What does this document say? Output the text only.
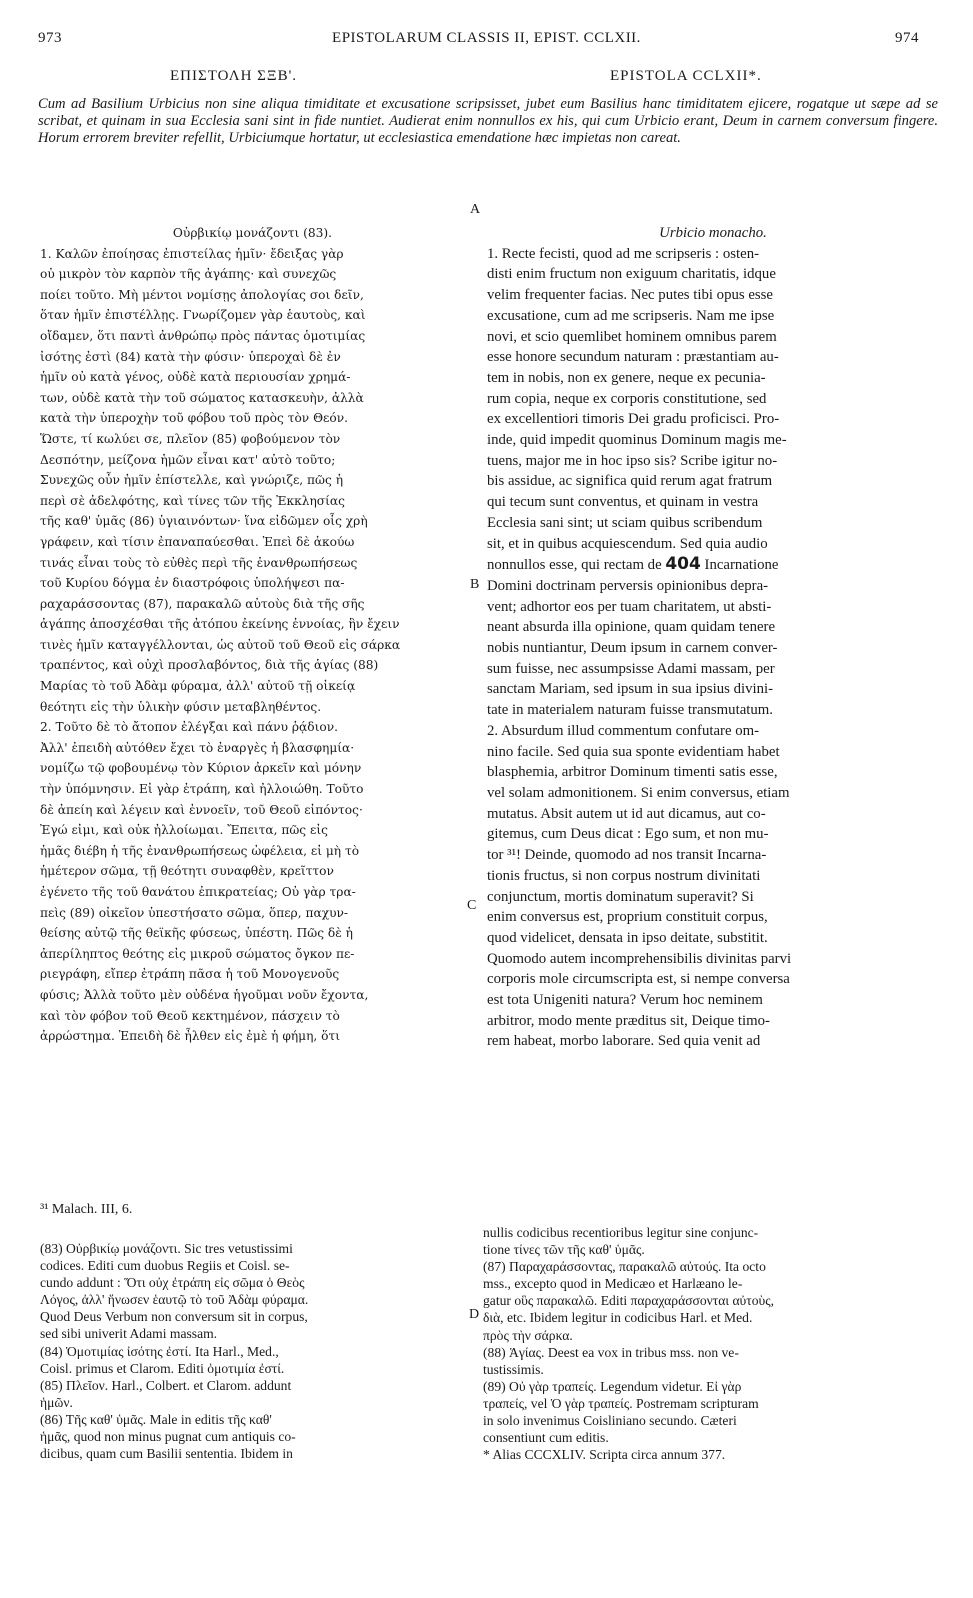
973	EPISTOLARUM CLASSIS II, EPIST. CCLXII.	974
ΕΠΙΣΤΟΛΗ ΣΞΒ'.	EPISTOLA CCLXII*.
Cum ad Basilium Urbicius non sine aliqua timiditate et excusatione scripsisset, jubet eum Basilius hanc timiditatem ejicere, rogatque ut sæpe ad se scribat, et quinam in sua Ecclesia sani sint in fide nuntiet. Audierat enim nonnullos ex his, qui cum Urbicio erant, Deum in carnem conversum fingere. Horum errorem breviter refellit, Urbiciumque hortatur, ut ecclesiastica emendatione hæc impietas non careat.
Οὐρβικίῳ μονάζοντι (83).
1. Καλῶν ἐποίησας ἐπιστείλας ἡμῖν· ἔδειξας γὰρ
οὐ μικρὸν τὸν καρπὸν τῆς ἀγάπης· καὶ συνεχῶς
ποίει τοῦτο. Μὴ μέντοι νομίσῃς ἀπολογίας σοι δεῖν,
ὅταν ἡμῖν ἐπιστέλλῃς. Γνωρίζομεν γὰρ ἑαυτοὺς, καὶ
οἴδαμεν, ὅτι παντὶ ἀνθρώπῳ πρὸς πάντας ὁμοτιμίας
ἰσότης ἐστὶ (84) κατὰ τὴν φύσιν· ὑπεροχαὶ δὲ ἐν
ἡμῖν οὐ κατὰ γένος, οὐδὲ κατὰ περιουσίαν χρημά-
των, οὐδὲ κατὰ τὴν τοῦ σώματος κατασκευὴν, ἀλλὰ
κατὰ τὴν ὑπεροχὴν τοῦ φόβου τοῦ πρὸς τὸν Θεόν.
Ὥστε, τί κωλύει σε, πλεῖον (85) φοβούμενον τὸν
Δεσπότην, μείζονα ἡμῶν εἶναι κατ' αὐτὸ τοῦτο;
Συνεχῶς οὖν ἡμῖν ἐπίστελλε, καὶ γνώριζε, πῶς ἡ
περὶ σὲ ἀδελφότης, καὶ τίνες τῶν τῆς Ἐκκλησίας
τῆς καθ' ὑμᾶς (86) ὑγιαινόντων· ἵνα εἰδῶμεν οἷς χρὴ
γράφειν, καὶ τίσιν ἐπαναπαύεσθαι. Ἐπεὶ δὲ ἀκούω
τινάς εἶναι τοὺς τὸ εὐθὲς περὶ τῆς ἐνανθρωπήσεως
τοῦ Κυρίου δόγμα ἐν διαστρόφοις ὑπολήψεσι πα-
ραχαράσσοντας (87), παρακαλῶ αὐτοὺς διὰ τῆς σῆς
ἀγάπης ἀποσχέσθαι τῆς ἀτόπου ἐκείνης ἐννοίας, ἣν ἔχειν
τινὲς ἡμῖν καταγγέλλονται, ὡς αὐτοῦ τοῦ Θεοῦ εἰς σάρκα
τραπέντος, καὶ οὐχὶ προσλαβόντος, διὰ τῆς ἁγίας (88)
Μαρίας τὸ τοῦ Ἀδὰμ φύραμα, ἀλλ' αὐτοῦ τῇ οἰκείᾳ
θεότητι εἰς τὴν ὑλικὴν φύσιν μεταβληθέντος.
2. Τοῦτο δὲ τὸ ἄτοπον ἐλέγξαι καὶ πάνυ ῥᾴδιον.
Ἀλλ' ἐπειδὴ αὐτόθεν ἔχει τὸ ἐναργὲς ἡ βλασφημία·
νομίζω τῷ φοβουμένῳ τὸν Κύριον ἀρκεῖν καὶ μόνην
τὴν ὑπόμνησιν. Εἰ γὰρ ἐτράπη, καὶ ἠλλοιώθη. Τοῦτο
δὲ ἀπείη καὶ λέγειν καὶ ἐννοεῖν, τοῦ Θεοῦ εἰπόντος·
Ἐγώ εἰμι, καὶ οὐκ ἠλλοίωμαι. Ἔπειτα, πῶς εἰς
ἡμᾶς διέβη ἡ τῆς ἐνανθρωπήσεως ὠφέλεια, εἰ μὴ τὸ
ἡμέτερον σῶμα, τῇ θεότητι συναφθὲν, κρεῖττον
ἐγένετο τῆς τοῦ θανάτου ἐπικρατείας; Οὐ γὰρ τρα-
πεὶς (89) οἰκεῖον ὑπεστήσατο σῶμα, ὅπερ, παχυν-
θείσης αὐτῷ τῆς θεϊκῆς φύσεως, ὑπέστη. Πῶς δὲ ἡ
ἀπερίληπτος θεότης εἰς μικροῦ σώματος ὄγκον πε-
ριεγράφη, εἴπερ ἐτράπη πᾶσα ἡ τοῦ Μονογενοῦς
φύσις; Ἀλλὰ τοῦτο μὲν οὐδένα ἡγοῦμαι νοῦν ἔχοντα,
καὶ τὸν φόβον τοῦ Θεοῦ κεκτημένον, πάσχειν τὸ
ἀρρώστημα. Ἐπειδὴ δὲ ἦλθεν εἰς ἐμὲ ἡ φήμη, ὅτι
Urbicio monacho.
1. Recte fecisti, quod ad me scripseris : osten-
disti enim fructum non exiguum charitatis, idque
velim frequenter facias. Nec putes tibi opus esse
excusatione, cum ad me scripseris. Nam me ipse
novi, et scio quemlibet hominem omnibus parem
esse honore secundum naturam : præstantiam au-
tem in nobis, non ex genere, neque ex pecunia-
rum copia, neque ex corporis constitutione, sed
ex excellentiori timoris Dei gradu proficisci. Pro-
inde, quid impedit quominus Dominum magis me-
tuens, major me in hoc ipso sis? Scribe igitur no-
bis assidue, ac significa quid rerum agat fratrum
qui tecum sunt conventus, et quinam in vestra
Ecclesia sani sint; ut sciam quibus scribendum
sit, et in quibus acquiescendum. Sed quia audio
nonnullos esse, qui rectam de 404 Incarnatione
Domini doctrinam perversis opinionibus depra-
vent; adhortor eos per tuam charitatem, ut absti-
neant absurda illa opinione, quam quidam tenere
nobis nuntiantur, Deum ipsum in carnem conver-
sum fuisse, nec assumpsisse Adami massam, per
sanctam Mariam, sed ipsum in sua ipsius divini-
tate in materialem naturam fuisse transmutatum.
2. Absurdum illud commentum confutare om-
nino facile. Sed quia sua sponte evidentiam habet
blasphemia, arbitror Dominum timenti satis esse,
vel solam admonitionem. Si enim conversus, etiam
mutatus. Absit autem ut id aut dicamus, aut co-
gitemus, cum Deus dicat : Ego sum, et non mu-
tor ³¹! Deinde, quomodo ad nos transit Incarna-
tionis fructus, si non corpus nostrum divinitati
conjunctum, mortis dominatum superavit? Si
enim conversus est, proprium constituit corpus,
quod videlicet, densata in ipso deitate, substitit.
Quomodo autem incomprehensibilis divinitas parvi
corporis mole circumscripta est, si nempe conversa
est tota Unigeniti natura? Verum hoc neminem
arbitror, modo mente præditus sit, Deique timo-
rem habeat, morbo laborare. Sed quia venit ad
A
B
C
D
³¹ Malach. III, 6.
(83) Οὐρβικίῳ μονάζοντι. Sic tres vetustissimi
codices. Editi cum duobus Regiis et Coisl. se-
cundo addunt : Ὅτι οὐχ ἐτράπη εἰς σῶμα ὁ Θεὸς
Λόγος, ἀλλ' ἥνωσεν ἑαυτῷ τὸ τοῦ Ἀδὰμ φύραμα.
Quod Deus Verbum non conversum sit in corpus,
sed sibi univerit Adami massam.
(84) Ὁμοτιμίας ἰσότης ἐστί. Ita Harl., Med.,
Coisl. primus et Clarom. Editi ὁμοτιμία ἐστί.
(85) Πλεῖον. Harl., Colbert. et Clarom. addunt
ἡμῶν.
(86) Τῆς καθ' ὑμᾶς. Male in editis τῆς καθ'
ἡμᾶς, quod non minus pugnat cum antiquis co-
dicibus, quam cum Basilii sententia. Ibidem in
nullis codicibus recentioribus legitur sine conjunc-
tione τίνες τῶν τῆς καθ' ὑμᾶς.
(87) Παραχαράσσοντας, παρακαλῶ αὐτούς. Ita octo
mss., excepto quod in Medicæo et Harlæano le-
gatur οὓς παρακαλῶ. Editi παραχαράσσονται αὐτοὺς,
διὰ, etc. Ibidem legitur in codicibus Harl. et Med.
πρὸς τὴν σάρκα.
(88) Ἁγίας. Deest ea vox in tribus mss. non ve-
tustissimis.
(89) Οὐ γὰρ τραπείς. Legendum videtur. Εἰ γὰρ
τραπείς, vel Ὁ γὰρ τραπείς. Postremam scripturam
in solo invenimus Coisliniano secundo. Cæteri
consentiunt cum editis.
* Alias CCCXLIV. Scripta circa annum 377.
